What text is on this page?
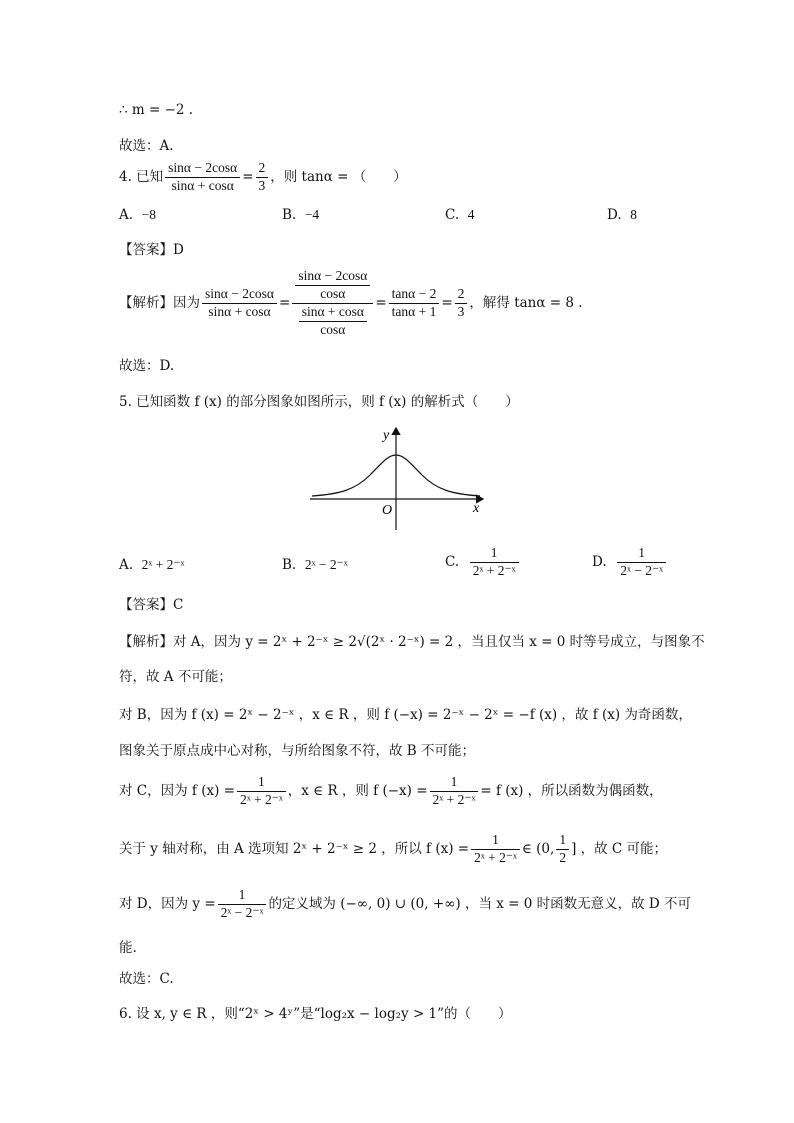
∴ m = −2 .
故选：A.
4. 已知 $\frac{\sin\alpha - 2\cos\alpha}{\sin\alpha + \cos\alpha} = \frac{2}{3}$ ，则 tanα = （　　）
A. −8	B. −4	C. 4	D. 8
【答案】D
【解析】因为 $\frac{\sin\alpha - 2\cos\alpha}{\sin\alpha + \cos\alpha} = \frac{\frac{\sin\alpha - 2\cos\alpha}{\cos\alpha}}{\frac{\sin\alpha + \cos\alpha}{\cos\alpha}} = \frac{\tan\alpha - 2}{\tan\alpha + 1} = \frac{2}{3}$ ，解得 tanα = 8 .
故选：D.
5. 已知函数 f (x) 的部分图象如图所示，则 f (x) 的解析式（　　）
y
x
O
A. 2ˣ + 2⁻ˣ	B. 2ˣ − 2⁻ˣ	C. $\frac{1}{\text{2ˣ + 2⁻ˣ}}$	D. $\frac{1}{\text{2ˣ − 2⁻ˣ}}$
【答案】C
【解析】对 A，因为 y = 2ˣ + 2⁻ˣ ≥ 2√(2ˣ · 2⁻ˣ) = 2 ，当且仅当 x = 0 时等号成立，与图象不
符，故 A 不可能；
对 B，因为 f (x) = 2ˣ − 2⁻ˣ ，x ∈ R ，则 f (−x) = 2⁻ˣ − 2ˣ = −f (x) ，故 f (x) 为奇函数，
图象关于原点成中心对称，与所给图象不符，故 B 不可能；
对 C，因为 f $(x) = \frac{1}{\text{2ˣ + 2⁻ˣ}}$ ，x ∈ R ，则 f $(-x) = \frac{1}{\text{2ˣ + 2⁻ˣ}} = f$ (x) ，所以函数为偶函数，
关于 y 轴对称，由 A 选项知 2ˣ + 2⁻ˣ ≥ 2 ，所以 f $(x) = \frac{1}{\text{2ˣ + 2⁻ˣ}}$ ∈ (0, $\frac{1}{2}$ ] ，故 C 可能；
对 D，因为 $y = \frac{1}{\text{2ˣ − 2⁻ˣ}}$ 的定义域为 (−∞, 0) ∪ (0, +∞) ，当 x = 0 时函数无意义，故 D 不可
能.
故选：C.
6. 设 x, y ∈ R ，则“2ˣ > 4ʸ”是“log₂x − log₂y > 1”的（　　）
